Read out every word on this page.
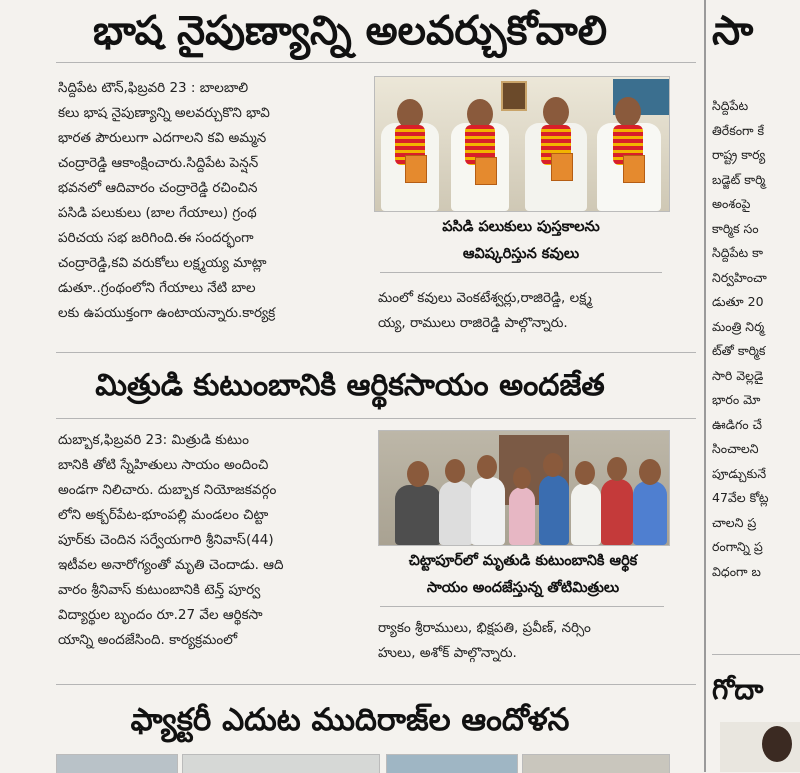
భాష నైపుణ్యాన్ని అలవర్చుకోవాలి
సిద్దిపేట టౌన్,ఫిబ్రవరి 23 : బాలబాలి
కలు భాష నైపుణ్యాన్ని అలవర్చుకొని భావి
భారత పౌరులుగా ఎదగాలని కవి అమ్మన
చంద్రారెడ్డి ఆకాంక్షించారు.సిద్దిపేట పెన్షన్
భవనలో ఆదివారం చంద్రారెడ్డి రచించిన
పసిడి పలుకులు (బాల గేయాలు) గ్రంథ
పరిచయ సభ జరిగింది.ఈ సందర్భంగా
చంద్రారెడ్డి,కవి వరుకోలు లక్ష్మయ్య మాట్లా
డుతూ..గ్రంథంలోని గేయాలు నేటి బాల
లకు ఉపయుక్తంగా ఉంటాయన్నారు.కార్యక్ర
పసిడి పలుకులు పుస్తకాలను
ఆవిష్కరిస్తున కవులు
మంలో కవులు వెంకటేశ్వర్లు,రాజిరెడ్డి, లక్ష్మ
య్య, రాములు రాజిరెడ్డి పాల్గొన్నారు.
మిత్రుడి కుటుంబానికి ఆర్థికసాయం అందజేత
దుబ్బాక,ఫిబ్రవరి 23: మిత్రుడి కుటుం
బానికి తోటి స్నేహితులు సాయం అందించి
అండగా నిలిచారు. దుబ్బాక నియోజకవర్గం
లోని అక్బర్‌పేట-భూంపల్లి మండలం చిట్టా
పూర్‌కు చెందిన సర్వేయగారి శ్రీనివాస్(44)
ఇటీవల అనారోగ్యంతో మృతి చెందాడు. ఆది
వారం శ్రీనివాస్ కుటుంబానికి టెన్త్ పూర్వ
విద్యార్థుల బృందం రూ.27 వేల ఆర్థికసా
యాన్ని అందజేసింది. కార్యక్రమంలో
చిట్టాపూర్‌లో మృతుడి కుటుంబానికి ఆర్థిక
సాయం అందజేస్తున్న తోటిమిత్రులు
ర్యాకం శ్రీరాములు, భిక్షపతి, ప్రవీణ్, నర్సిం
హులు, అశోక్ పాల్గొన్నారు.
ఫ్యాక్టరీ ఎదుట ముదిరాజ్‌ల ఆందోళన
సా
సిద్దిపేట
తిరేకంగా కే
రాష్ట్ర కార్య
బడ్జెట్ కార్మి
అంశంపై
కార్మిక సం
సిద్దిపేట కా
నిర్వహించా
డుతూ 20
మంత్రి నిర్మ
ట్‌తో కార్మిక
సారి వెల్లడై
భారం మో
ఊడిగం చే
సించాలని
పూడ్చుకునే
47వేల కోట్ల
చాలని ప్ర
రంగాన్ని ప్ర
విధంగా బ
గోదా
